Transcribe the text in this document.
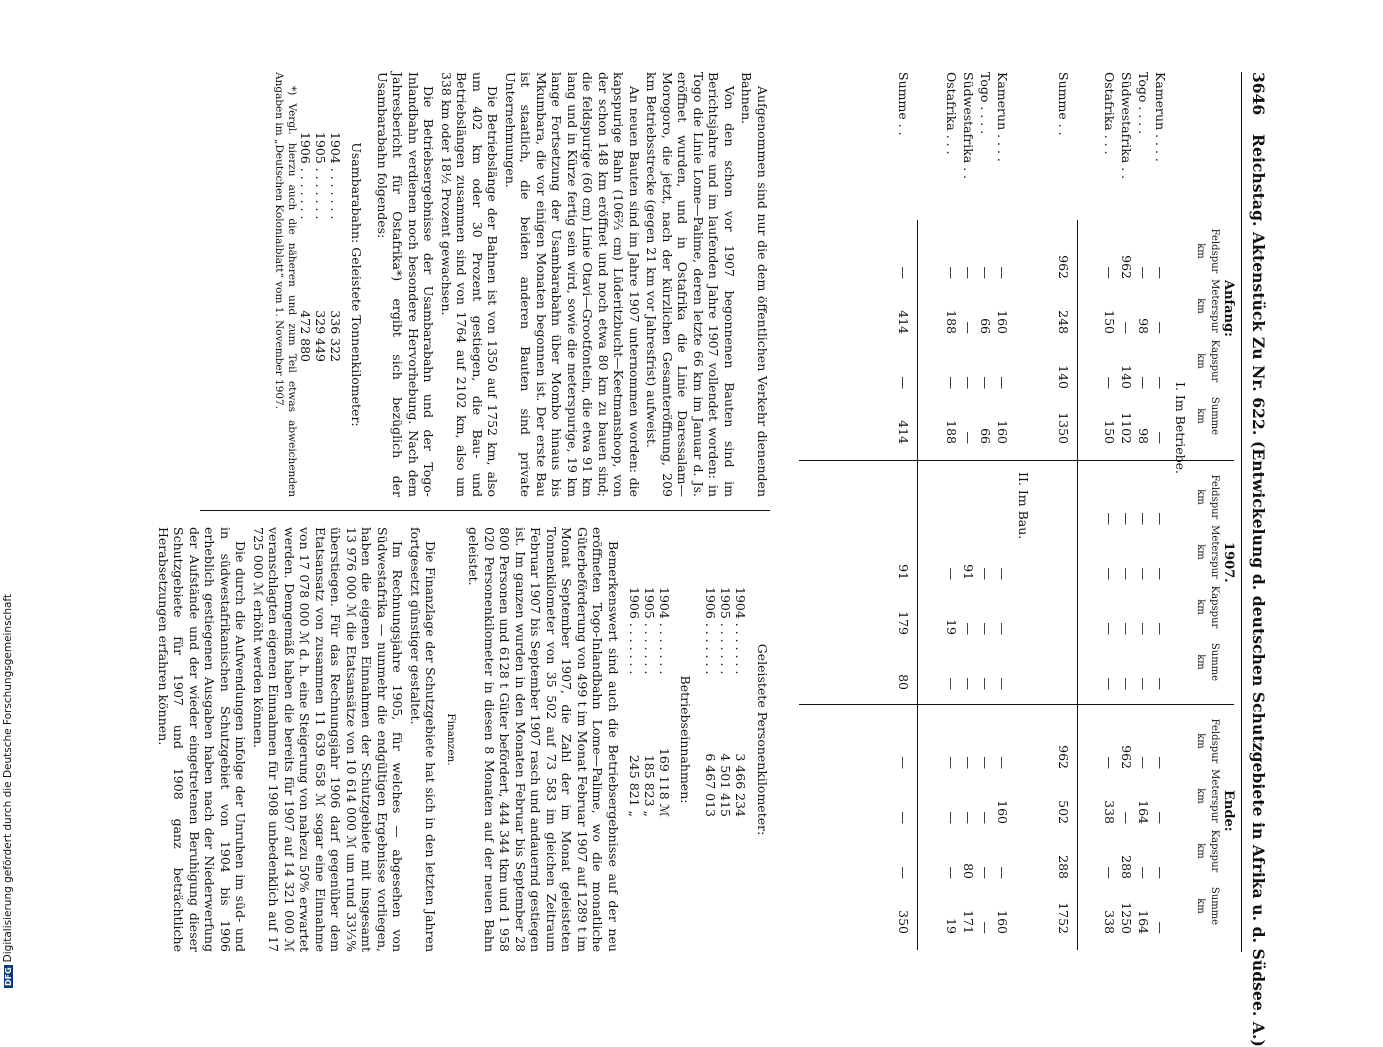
DFGDigitalisierung gefördert durch die Deutsche Forschungsgemeinschaft
3646
Reichstag. Aktenstück Zu Nr. 622. (Entwickelung d. deutschen Schutzgebiete in Afrika u. d. Südsee. A.)
Anfang:
1907.
Ende:
I. Im Betriebe.
II. Im Bau.
Feldspur
km
Meterspur
km
Kapspur
km
Summe
km
Feldspur
km
Meterspur
km
Kapspur
km
Summe
km
Feldspur
km
Meterspur
km
Kapspur
km
Summe
km
Kamerun . . . .
—
—
—
—
—
—
—
—
—
—
—
—
Togo . . . .
—
98
—
98
—
—
—
—
—
164
—
164
Südwestafrika . .
962
—
140
1102
—
—
—
—
962
—
288
1250
Ostafrika . . .
—
150
—
150
—
—
—
—
—
338
—
338
Summe . .
962
248
140
1350
962
502
288
1752
Kamerun . . . .
—
160
—
160
—
—
—
—
160
—
160
Togo . . . .
—
66
—
66
—
—
—
—
—
—
—
Südwestafrika . .
—
—
—
—
91
—
—
—
—
80
171
Ostafrika . . .
—
188
—
188
—
19
—
—
—
—
19
Summe . .
—
414
—
414
91
179
80
—
—
—
350

Aufgenommen sind nur die dem öffentlichen Verkehr dienenden Bahnen.

Von den schon vor 1907 begonnenen Bauten sind im Berichtsjahre und im laufenden Jahre 1907 vollendet worden: in Togo die Linie Lome—Palime, deren letzte 66 km im Januar d. Js. eröffnet wurden, und in Ostafrika die Linie Daressalam—Morogoro, die jetzt, nach der kürzlichen Gesamteröffnung, 209 km Betriebsstrecke (gegen 21 km vor Jahresfrist) aufweist.

An neuen Bauten sind im Jahre 1907 unternommen worden: die kapspurige Bahn (106⅔ cm) Lüderitzbucht—Keetmanshoop, von der schon 148 km eröffnet und noch etwa 80 km zu bauen sind; die feldspurige (60 cm) Linie Otavi—Grootfontein, die etwa 91 km lang und in Kürze fertig sein wird, sowie die meterspurige, 19 km lange Fortsetzung der Usambarabahn über Mombo hinaus bis Mkumbara, die vor einigen Monaten begonnen ist. Der erste Bau ist staatlich, die beiden anderen Bauten sind private Unternehmungen.

Die Betriebslänge der Bahnen ist von 1350 auf 1752 km, also um 402 km oder 30 Prozent gestiegen, die Bau- und Betriebslängen zusammen sind von 1764 auf 2102 km, also um 338 km oder 18½ Prozent gewachsen.

Die Betriebsergebnisse der Usambarabahn und der Togo-Inlandbahn verdienen noch besondere Hervorhebung. Nach dem Jahresbericht für Ostafrika*) ergibt sich bezüglich der Usambarabahn folgendes:

Usambarabahn: Geleistete Tonnenkilometer:

1904 . . . . . . .
336 322
1905 . . . . . . .
329 449
1906 . . . . . . .
472 880

*) Vergl. hierzu auch die näheren und zum Teil etwas abweichenden Angaben im „Deutschen Kolonialblatt“ vom 1. November 1907.

Geleistete Personenkilometer:

1904 . . . . . . .
3 466 234
1905 . . . . . . .
4 501 415
1906 . . . . . . .
6 467 013

Betriebseinnahmen:

1904 . . . . . . .
169 118 ℳ
1905 . . . . . . .
185 823 „
1906 . . . . . . .
245 821 „

Bemerkenswert sind auch die Betriebsergebnisse auf der neu eröffneten Togo-Inlandbahn Lome—Palime, wo die monatliche Güterbeförderung von 499 t im Monat Februar 1907 auf 1289 t im Monat September 1907, die Zahl der im Monat geleisteten Tonnenkilometer von 35 502 auf 73 583 im gleichen Zeitraum Februar 1907 bis September 1907 rasch und andauernd gestiegen ist. Im ganzen wurden in den Monaten Februar bis September 28 800 Personen und 6128 t Güter befördert, 444 344 tkm und 1 958 020 Personenkilometer in diesen 8 Monaten auf der neuen Bahn geleistet.

Finanzen.

Die Finanzlage der Schutzgebiete hat sich in den letzten Jahren fortgesetzt günstiger gestaltet.

Im Rechnungsjahre 1905, für welches — abgesehen von Südwestafrika — nunmehr die endgültigen Ergebnisse vorliegen, haben die eigenen Einnahmen der Schutzgebiete mit insgesamt 13 976 000 ℳ die Etatsansätze von 10 614 000 ℳ um rund 33⅓% überstiegen. Für das Rechnungsjahr 1906 darf gegenüber dem Etatsansatz von zusammen 11 639 658 ℳ sogar eine Einnahme von 17 078 000 ℳ d. h. eine Steigerung von nahezu 50% erwartet werden. Demgemäß haben die bereits für 1907 auf 14 321 000 ℳ veranschlagten eigenen Einnahmen für 1908 unbedenklich auf 17 725 000 ℳ erhöht werden können.

Die durch die Aufwendungen infolge der Unruhen im süd- und in südwestafrikanischen Schutzgebiet von 1904 bis 1906 erheblich gestiegenen Ausgaben haben nach der Niederwerfung der Aufstände und der wieder eingetretenen Beruhigung dieser Schutzgebiete für 1907 und 1908 ganz beträchtliche Herabsetzungen erfahren können.
